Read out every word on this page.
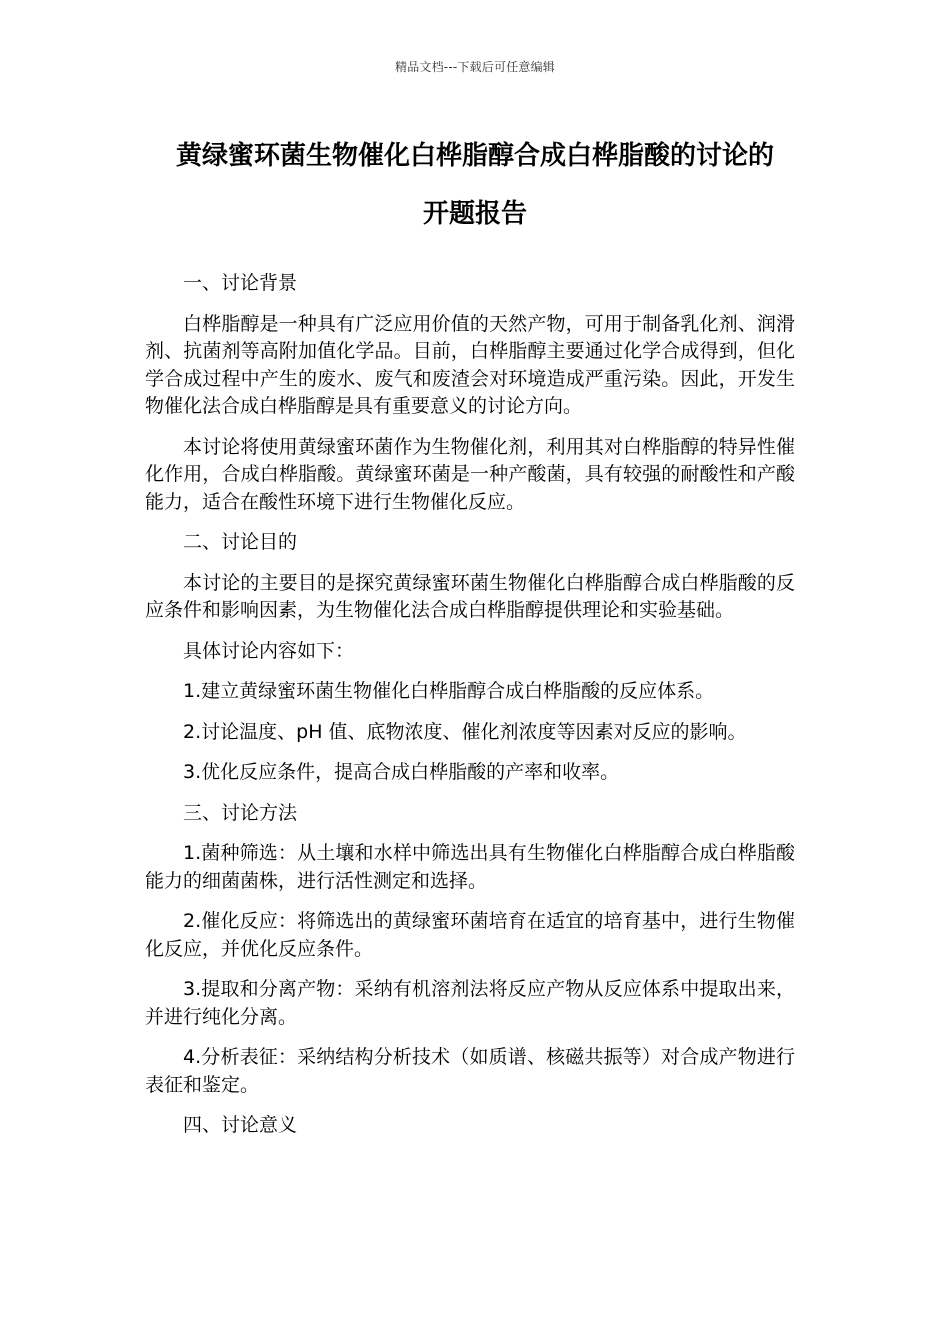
精品文档---下载后可任意编辑
黄绿蜜环菌生物催化白桦脂醇合成白桦脂酸的讨论的
开题报告

一、讨论背景

白桦脂醇是一种具有广泛应用价值的天然产物，可用于制备乳化剂、润滑剂、抗菌剂等高附加值化学品。目前，白桦脂醇主要通过化学合成得到，但化学合成过程中产生的废水、废气和废渣会对环境造成严重污染。因此，开发生物催化法合成白桦脂醇是具有重要意义的讨论方向。

本讨论将使用黄绿蜜环菌作为生物催化剂，利用其对白桦脂醇的特异性催化作用，合成白桦脂酸。黄绿蜜环菌是一种产酸菌，具有较强的耐酸性和产酸能力，适合在酸性环境下进行生物催化反应。

二、讨论目的

本讨论的主要目的是探究黄绿蜜环菌生物催化白桦脂醇合成白桦脂酸的反应条件和影响因素，为生物催化法合成白桦脂醇提供理论和实验基础。

具体讨论内容如下：

1.建立黄绿蜜环菌生物催化白桦脂醇合成白桦脂酸的反应体系。

2.讨论温度、pH 值、底物浓度、催化剂浓度等因素对反应的影响。

3.优化反应条件，提高合成白桦脂酸的产率和收率。

三、讨论方法

1.菌种筛选：从土壤和水样中筛选出具有生物催化白桦脂醇合成白桦脂酸能力的细菌菌株，进行活性测定和选择。

2.催化反应：将筛选出的黄绿蜜环菌培育在适宜的培育基中，进行生物催化反应，并优化反应条件。

3.提取和分离产物：采纳有机溶剂法将反应产物从反应体系中提取出来，并进行纯化分离。

4.分析表征：采纳结构分析技术（如质谱、核磁共振等）对合成产物进行表征和鉴定。

四、讨论意义
